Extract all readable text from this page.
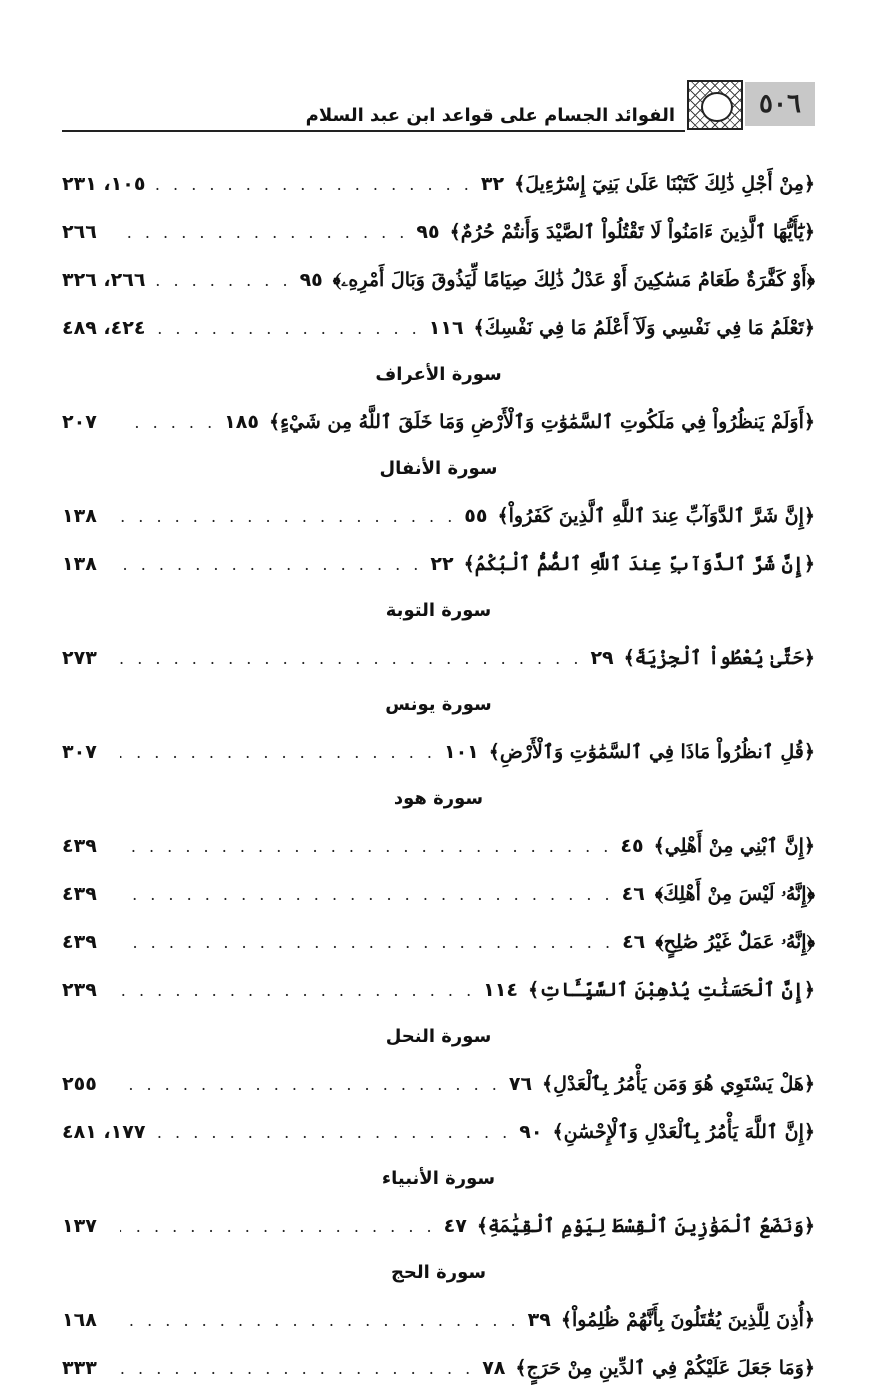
٥٠٦
الفوائد الجسام على قواعد ابن عبد السلام
﴿مِنْ أَجْلِ ذَٰلِكَ كَتَبْنَا عَلَىٰ بَنِيٓ إِسْرَٰٓءِيلَ﴾
٣٢
. . .
١٠٥، ٢٣١
﴿يَٰٓأَيُّهَا ٱلَّذِينَ ءَامَنُواْ لَا تَقْتُلُواْ ٱلصَّيْدَ وَأَنتُمْ حُرُمٌ﴾
٩٥
. . .
٢٦٦
﴿أَوْ كَفَّٰرَةٌ طَعَامُ مَسَٰكِينَ أَوْ عَدْلُ ذَٰلِكَ صِيَامًا لِّيَذُوقَ وَبَالَ أَمْرِهِۦ﴾
٩٥
. . .
٢٦٦، ٣٢٦
﴿تَعْلَمُ مَا فِي نَفْسِي وَلَآ أَعْلَمُ مَا فِي نَفْسِكَ﴾
١١٦
. . .
٤٢٤، ٤٨٩
سورة الأعراف
﴿أَوَلَمْ يَنظُرُواْ فِي مَلَكُوتِ ٱلسَّمَٰوَٰتِ وَٱلْأَرْضِ وَمَا خَلَقَ ٱللَّهُ مِن شَيْءٍ﴾
١٨٥
. . .
٢٠٧
سورة الأنفال
﴿إِنَّ شَرَّ ٱلدَّوَآبِّ عِندَ ٱللَّهِ ٱلَّذِينَ كَفَرُواْ﴾
٥٥
. . .
١٣٨
﴿إِنَّ شَرَّ ٱلدَّوَآبِّ عِندَ ٱللَّهِ ٱلصُّمُّ ٱلْبُكْمُ﴾
٢٢
. . .
١٣٨
سورة التوبة
﴿حَتَّىٰ يُعْطُواْ ٱلْجِزْيَةَ﴾
٢٩
. . .
٢٧٣
سورة يونس
﴿قُلِ ٱنظُرُواْ مَاذَا فِي ٱلسَّمَٰوَٰتِ وَٱلْأَرْضِ﴾
١٠١
. . .
٣٠٧
سورة هود
﴿إِنَّ ٱبْنِي مِنْ أَهْلِي﴾
٤٥
. . .
٤٣٩
﴿إِنَّهُۥ لَيْسَ مِنْ أَهْلِكَ﴾
٤٦
. . .
٤٣٩
﴿إِنَّهُۥ عَمَلٌ غَيْرُ صَٰلِحٍ﴾
٤٦
. . .
٤٣٩
﴿إِنَّ ٱلْحَسَنَٰتِ يُذْهِبْنَ ٱلسَّيِّـَٔاتِ﴾
١١٤
. . .
٢٣٩
سورة النحل
﴿هَلْ يَسْتَوِي هُوَ وَمَن يَأْمُرُ بِٱلْعَدْلِ﴾
٧٦
. . .
٢٥٥
﴿إِنَّ ٱللَّهَ يَأْمُرُ بِٱلْعَدْلِ وَٱلْإِحْسَٰنِ﴾
٩٠
. . .
١٧٧، ٤٨١
سورة الأنبياء
﴿وَنَضَعُ ٱلْمَوَٰزِينَ ٱلْقِسْطَ لِيَوْمِ ٱلْقِيَٰمَةِ﴾
٤٧
. . .
١٣٧
سورة الحج
﴿أُذِنَ لِلَّذِينَ يُقَٰتَلُونَ بِأَنَّهُمْ ظُلِمُواْ﴾
٣٩
. . .
١٦٨
﴿وَمَا جَعَلَ عَلَيْكُمْ فِي ٱلدِّينِ مِنْ حَرَجٍ﴾
٧٨
. . .
٣٣٣
